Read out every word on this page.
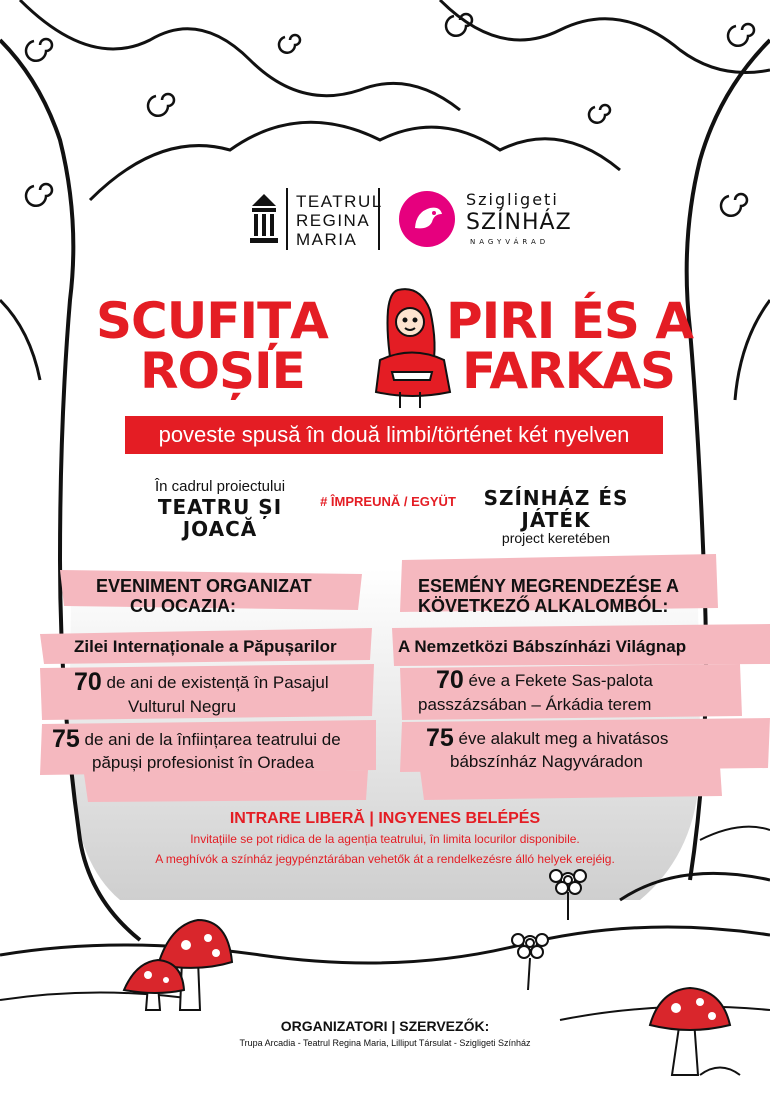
TEATRUL
REGINA
MARIA
Szigligeti
SZÍNHÁZ
NAGYVÁRAD
SCUFIȚA
ROȘIE
PIRI ÉS A
FARKAS
poveste spusă în două limbi/történet két nyelven
În cadrul proiectului
TEATRU ȘI
JOACĂ
# ÎMPREUNĂ / EGYÜT	SZÍNHÁZ ÉS
JÁTÉK
project keretében
EVENIMENT ORGANIZAT
CU OCAZIA:
Zilei Internaționale a Păpușarilor
70 de ani de existență în Pasajul
Vulturul Negru
75 de ani de la înființarea teatrului de
păpuși profesionist în Oradea
ESEMÉNY MEGRENDEZÉSE A
KÖVETKEZŐ ALKALOMBÓL:
A Nemzetközi Bábszínházi Világnap
70 éve a Fekete Sas-palota
passzázsában – Árkádia terem
75 éve alakult meg a hivatásos
bábszínház Nagyváradon
INTRARE LIBERĂ | INGYENES BELÉPÉS
Invitațiile se pot ridica de la agenția teatrului, în limita locurilor disponibile.
A meghívók a színház jegypénztárában vehetők át a rendelkezésre álló helyek erejéig.
ORGANIZATORI | SZERVEZŐK:
Trupa Arcadia - Teatrul Regina Maria, Lilliput Társulat - Szigligeti Színház
